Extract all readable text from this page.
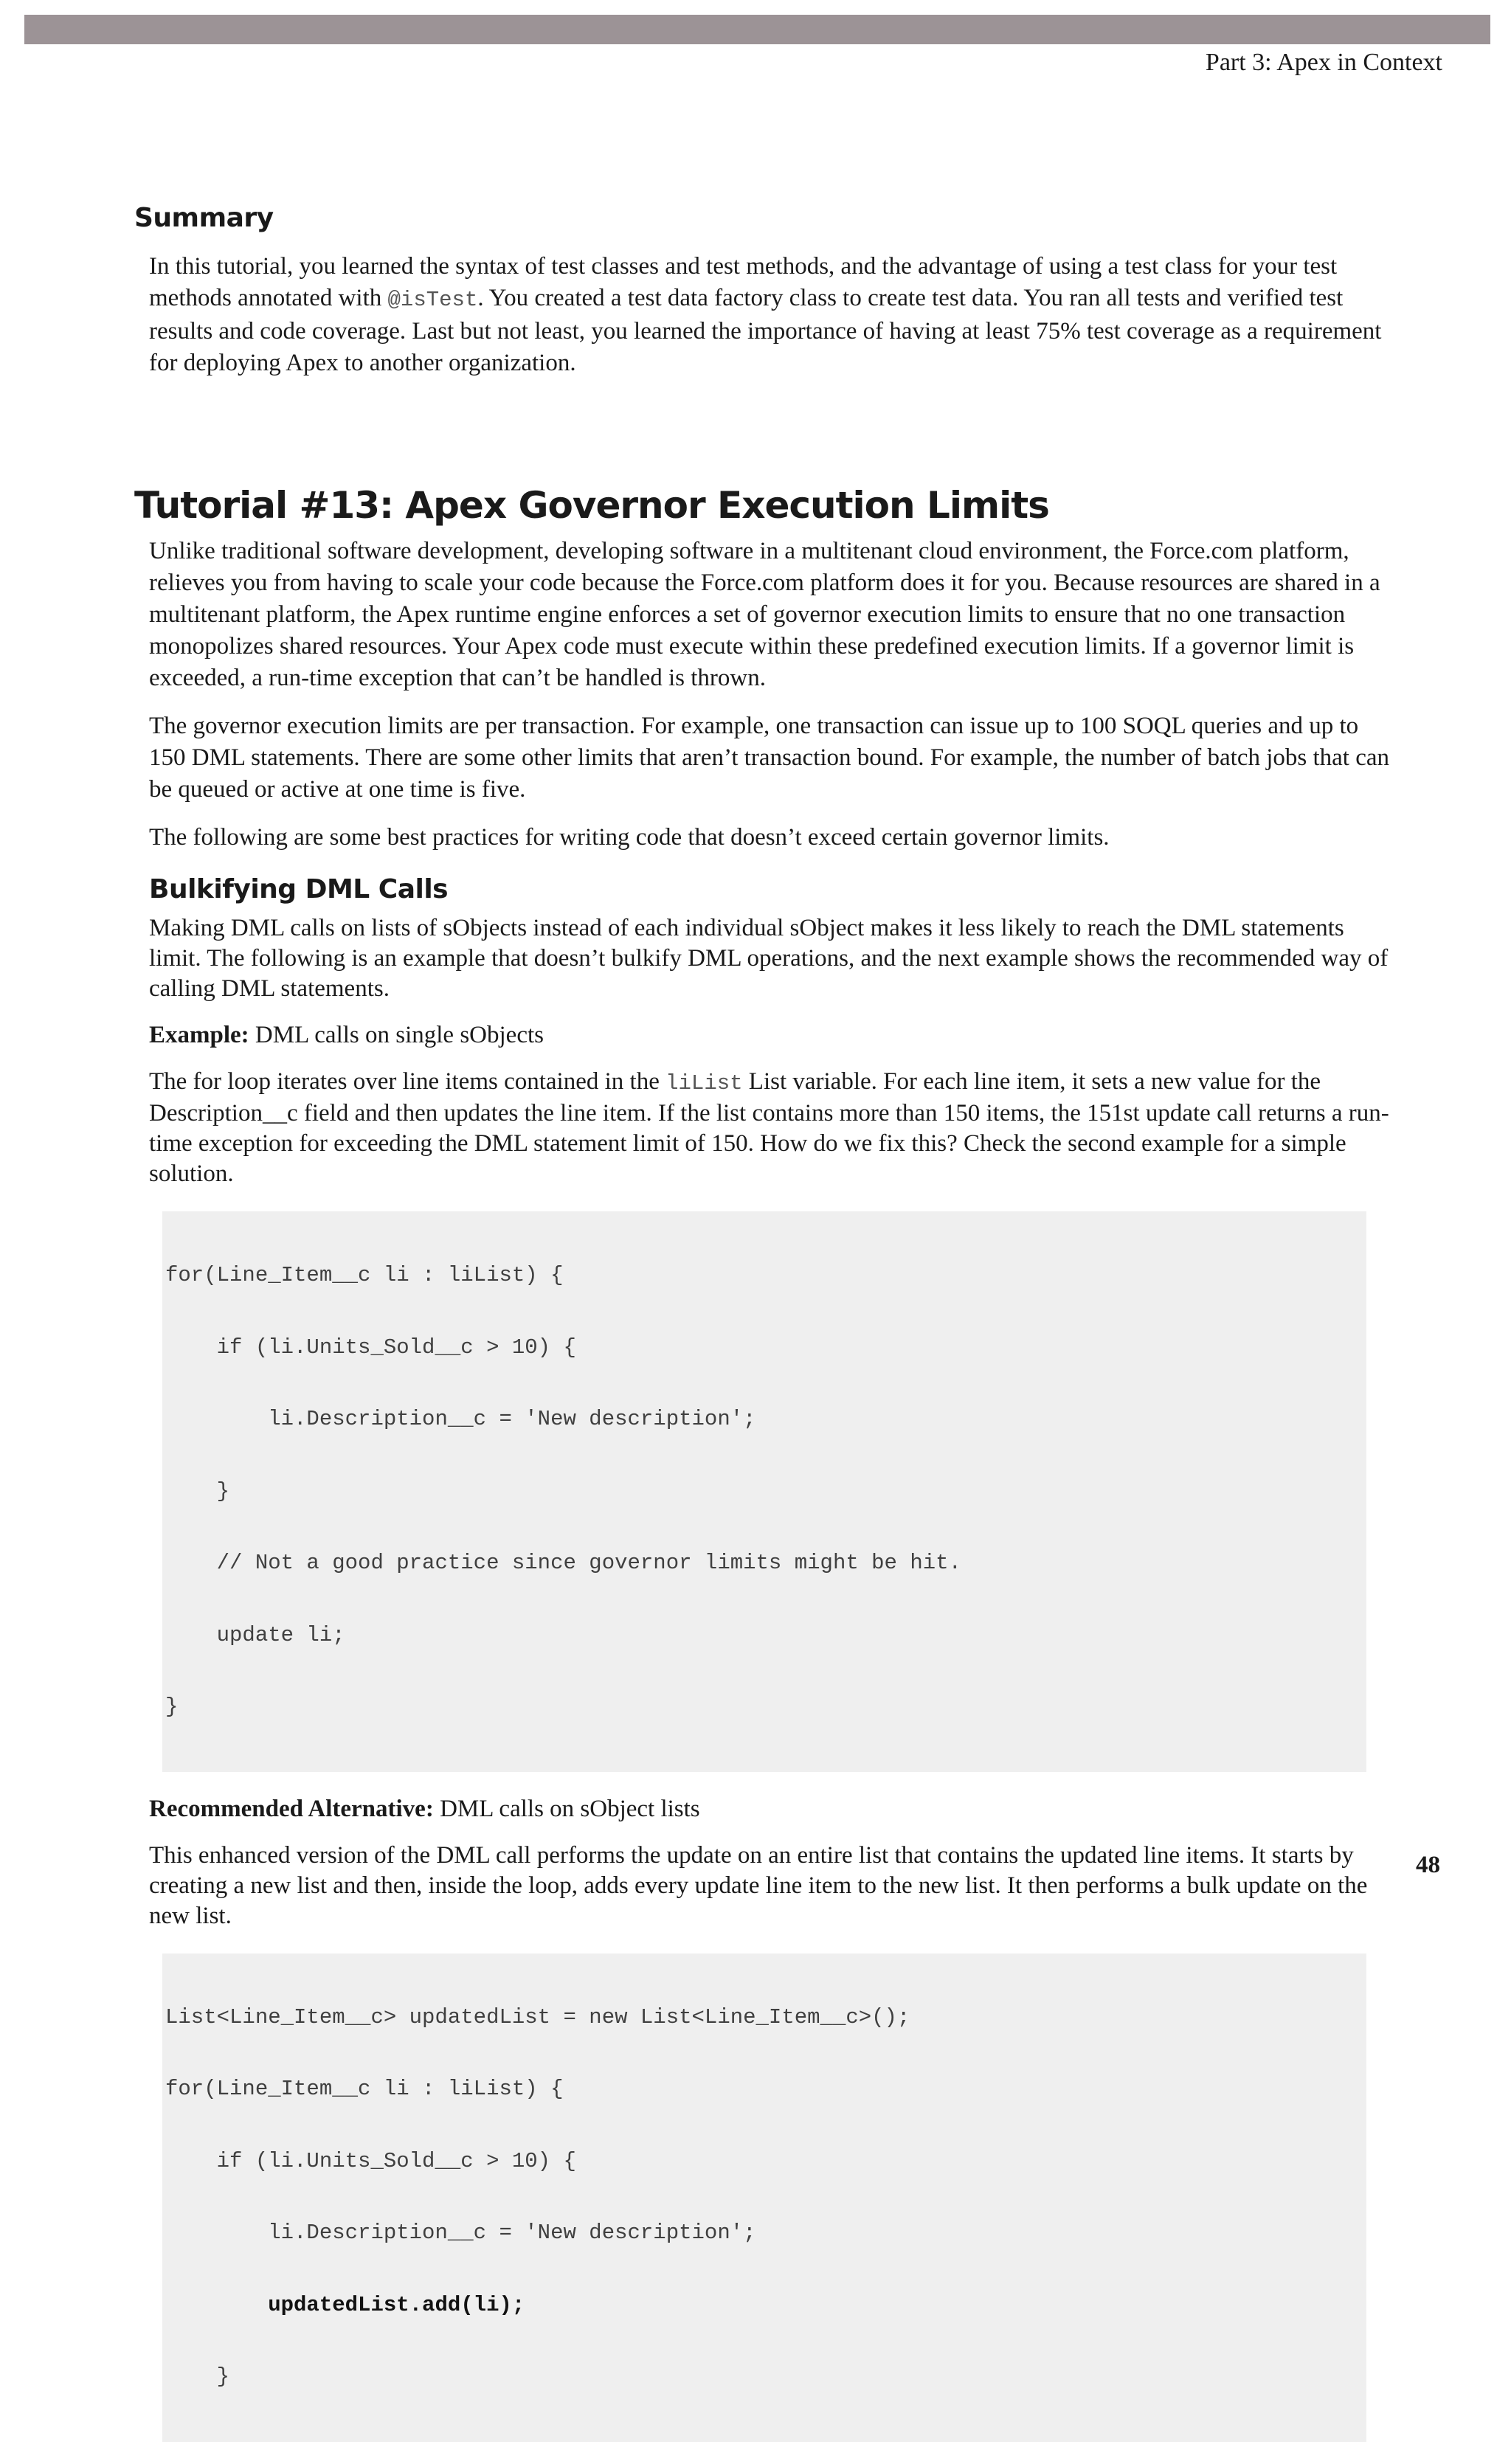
Part 3: Apex in Context
Summary

In this tutorial, you learned the syntax of test classes and test methods, and the advantage of using a test class for your test methods annotated with @isTest. You created a test data factory class to create test data. You ran all tests and verified test results and code coverage. Last but not least, you learned the importance of having at least 75% test coverage as a requirement for deploying Apex to another organization.

Tutorial #13: Apex Governor Execution Limits

Unlike traditional software development, developing software in a multitenant cloud environment, the Force.com platform, relieves you from having to scale your code because the Force.com platform does it for you. Because resources are shared in a multitenant platform, the Apex runtime engine enforces a set of governor execution limits to ensure that no one transaction monopolizes shared resources. Your Apex code must execute within these predefined execution limits. If a governor limit is exceeded, a run-time exception that can’t be handled is thrown.

The governor execution limits are per transaction. For example, one transaction can issue up to 100 SOQL queries and up to 150 DML statements. There are some other limits that aren’t transaction bound. For example, the number of batch jobs that can be queued or active at one time is five.

The following are some best practices for writing code that doesn’t exceed certain governor limits.

Bulkifying DML Calls

Making DML calls on lists of sObjects instead of each individual sObject makes it less likely to reach the DML statements limit. The following is an example that doesn’t bulkify DML operations, and the next example shows the recommended way of calling DML statements.

Example: DML calls on single sObjects

The for loop iterates over line items contained in the liList List variable. For each line item, it sets a new value for the Description__c field and then updates the line item. If the list contains more than 150 items, the 151st update call returns a run-time exception for exceeding the DML statement limit of 150. How do we fix this? Check the second example for a simple solution.

for(Line_Item__c li : liList) {

if (li.Units_Sold__c > 10) {

li.Description__c = 'New description';

}

// Not a good practice since governor limits might be hit.

update li;

}

Recommended Alternative: DML calls on sObject lists

This enhanced version of the DML call performs the update on an entire list that contains the updated line items. It starts by creating a new list and then, inside the loop, adds every update line item to the new list. It then performs a bulk update on the new list.

List<Line_Item__c> updatedList = new List<Line_Item__c>();

for(Line_Item__c li : liList) {

if (li.Units_Sold__c > 10) {

li.Description__c = 'New description';

updatedList.add(li);

}

48
